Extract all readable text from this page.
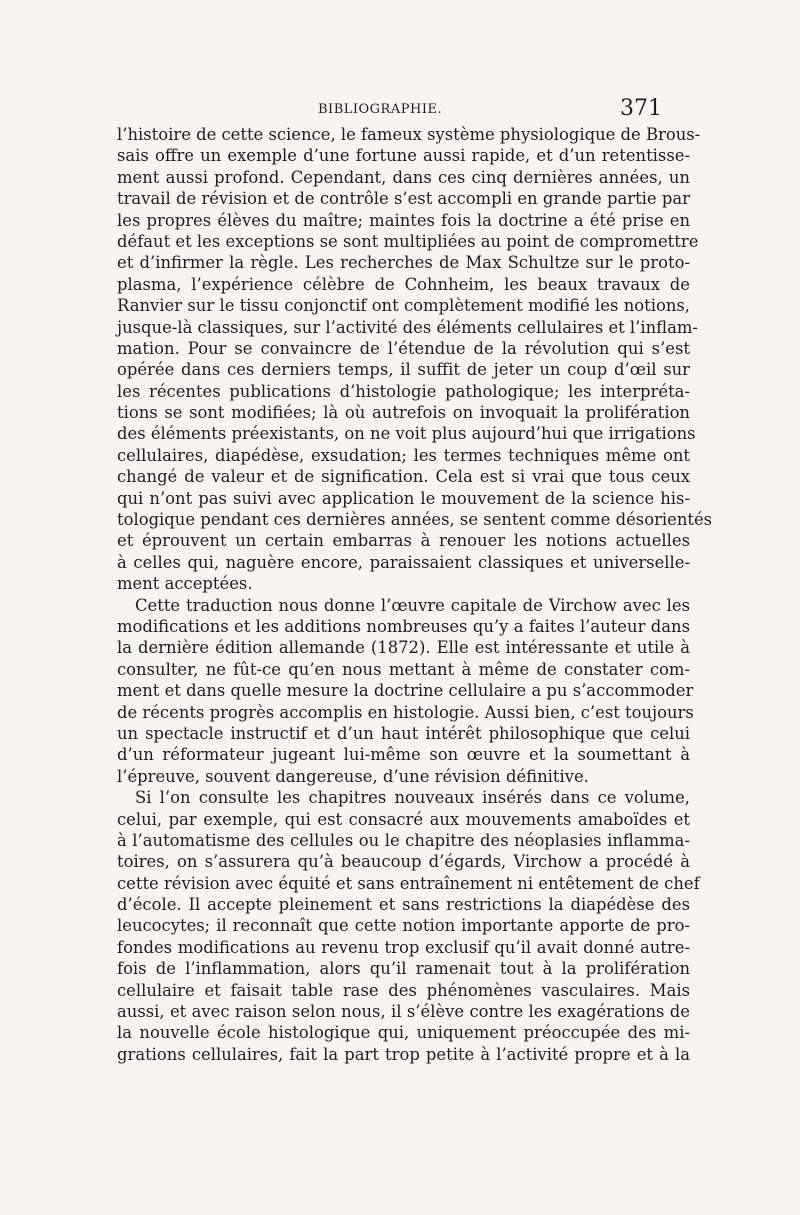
BIBLIOGRAPHIE.	371
l’histoire de cette science, le fameux système physiologique de Brous-
sais offre un exemple d’une fortune aussi rapide, et d’un retentisse-
ment aussi profond. Cependant, dans ces cinq dernières années, un
travail de révision et de contrôle s’est accompli en grande partie par
les propres élèves du maître; maintes fois la doctrine a été prise en
défaut et les exceptions se sont multipliées au point de compromettre
et d’infirmer la règle. Les recherches de Max Schultze sur le proto-
plasma, l’expérience célèbre de Cohnheim, les beaux travaux de
Ranvier sur le tissu conjonctif ont complètement modifié les notions,
jusque-là classiques, sur l’activité des éléments cellulaires et l’inflam-
mation. Pour se convaincre de l’étendue de la révolution qui s’est
opérée dans ces derniers temps, il suffit de jeter un coup d’œil sur
les récentes publications d’histologie pathologique; les interpréta-
tions se sont modifiées; là où autrefois on invoquait la prolifération
des éléments préexistants, on ne voit plus aujourd’hui que irrigations
cellulaires, diapédèse, exsudation; les termes techniques même ont
changé de valeur et de signification. Cela est si vrai que tous ceux
qui n’ont pas suivi avec application le mouvement de la science his-
tologique pendant ces dernières années, se sentent comme désorientés
et éprouvent un certain embarras à renouer les notions actuelles
à celles qui, naguère encore, paraissaient classiques et universelle-
ment acceptées.
Cette traduction nous donne l’œuvre capitale de Virchow avec les
modifications et les additions nombreuses qu’y a faites l’auteur dans
la dernière édition allemande (1872). Elle est intéressante et utile à
consulter, ne fût-ce qu’en nous mettant à même de constater com-
ment et dans quelle mesure la doctrine cellulaire a pu s’accommoder
de récents progrès accomplis en histologie. Aussi bien, c’est toujours
un spectacle instructif et d’un haut intérêt philosophique que celui
d’un réformateur jugeant lui-même son œuvre et la soumettant à
l’épreuve, souvent dangereuse, d’une révision définitive.
Si l’on consulte les chapitres nouveaux insérés dans ce volume,
celui, par exemple, qui est consacré aux mouvements amaboïdes et
à l’automatisme des cellules ou le chapitre des néoplasies inflamma-
toires, on s’assurera qu’à beaucoup d’égards, Virchow a procédé à
cette révision avec équité et sans entraînement ni entêtement de chef
d’école. Il accepte pleinement et sans restrictions la diapédèse des
leucocytes; il reconnaît que cette notion importante apporte de pro-
fondes modifications au revenu trop exclusif qu’il avait donné autre-
fois de l’inflammation, alors qu’il ramenait tout à la prolifération
cellulaire et faisait table rase des phénomènes vasculaires. Mais
aussi, et avec raison selon nous, il s’élève contre les exagérations de
la nouvelle école histologique qui, uniquement préoccupée des mi-
grations cellulaires, fait la part trop petite à l’activité propre et à la
